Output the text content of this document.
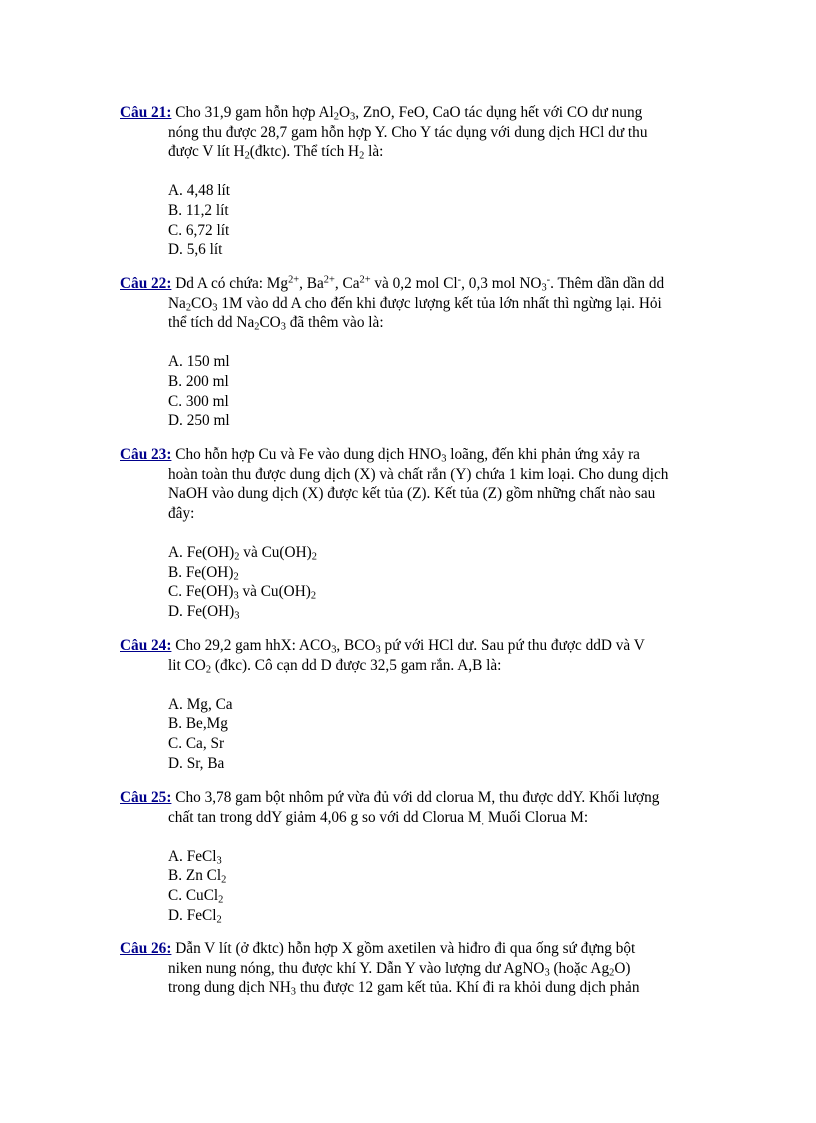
Câu 21: Cho 31,9 gam hỗn hợp $Al_2O_3$, ZnO, FeO, CaO tác dụng hết với CO dư nung
nóng thu được 28,7 gam hỗn hợp Y. Cho Y tác dụng với dung dịch HCl dư thu
được V lít $H_2(đktc)$. Thể tích $H_2$ là:
A. 4,48 lít
B. 11,2 lít
C. 6,72 lít
D. 5,6 lít
Câu 22: Dd A có chứa: $Mg^{2+}$, $Ba^{2+}$, $Ca^{2+}$ và 0,2 mol Cl-, 0,3 mol $NO_3^-$. Thêm dần dần dd
$Na_2CO_3$ 1M vào dd A cho đến khi được lượng kết tủa lớn nhất thì ngừng lại. Hỏi
thể tích dd $Na_2CO_3$ đã thêm vào là:
A. 150 ml
B. 200 ml
C. 300 ml
D. 250 ml
Câu 23: Cho hỗn hợp Cu và Fe vào dung dịch $HNO_3$ loãng, đến khi phản ứng xảy ra
hoàn toàn thu được dung dịch (X) và chất rắn (Y) chứa 1 kim loại. Cho dung dịch
NaOH vào dung dịch (X) được kết tủa (Z). Kết tủa (Z) gồm những chất nào sau
đây:
A. $Fe(OH)_2$ và $Cu(OH)_2$
B. $Fe(OH)_2$
C. $Fe(OH)_3$ và $Cu(OH)_2$
D. $Fe(OH)_3$
Câu 24: Cho 29,2 gam hhX: $ACO_3$, $BCO_3$ pứ với HCl dư. Sau pứ thu được ddD và V
lit $CO_2$ (đkc). Cô cạn dd D được 32,5 gam rắn. A,B là:
A. Mg, Ca
B. Be,Mg
C. Ca, Sr
D. Sr, Ba
Câu 25: Cho 3,78 gam bột nhôm pứ vừa đủ với dd clorua M, thu được ddY. Khối lượng
chất tan trong ddY giảm 4,06 g so với dd Clorua $M_.$ Muối Clorua M:
A. FeCl$_3$
B. Zn $Cl_2$
C. CuCl$_2$
D. FeCl$_2$
Câu 26: Dẫn V lít (ở đktc) hỗn hợp X gồm axetilen và hiđro đi qua ống sứ đựng bột
niken nung nóng, thu được khí Y. Dẫn Y vào lượng dư AgNO$_3$ (hoặc $Ag_2O$)
trong dung dịch $NH_3$ thu được 12 gam kết tủa. Khí đi ra khỏi dung dịch phản
